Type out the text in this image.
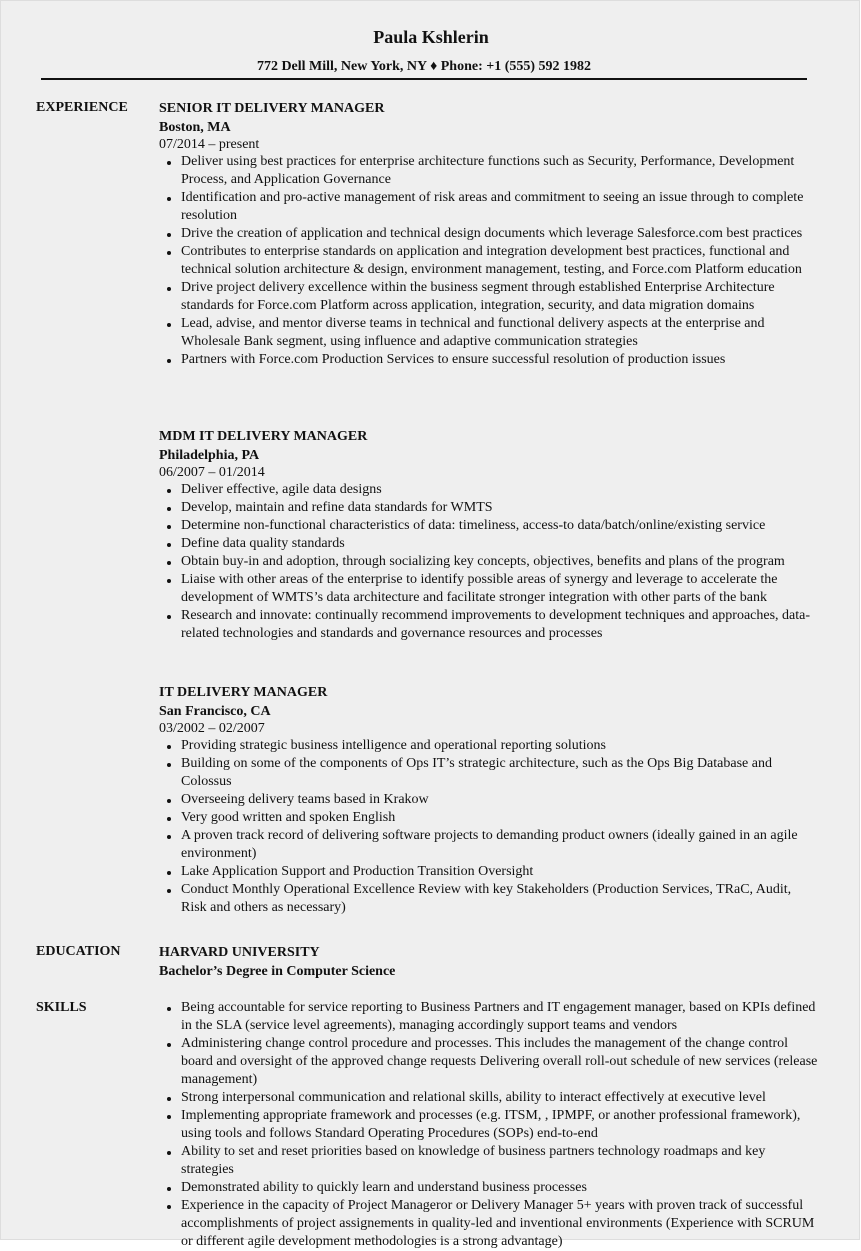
Paula Kshlerin
772 Dell Mill, New York, NY ♦ Phone: +1 (555) 592 1982
EXPERIENCE SENIOR IT DELIVERY MANAGER
Boston, MA
07/2014 – present
Deliver using best practices for enterprise architecture functions such as Security, Performance, Development Process, and Application Governance
Identification and pro-active management of risk areas and commitment to seeing an issue through to complete resolution
Drive the creation of application and technical design documents which leverage Salesforce.com best practices
Contributes to enterprise standards on application and integration development best practices, functional and technical solution architecture & design, environment management, testing, and Force.com Platform education
Drive project delivery excellence within the business segment through established Enterprise Architecture standards for Force.com Platform across application, integration, security, and data migration domains
Lead, advise, and mentor diverse teams in technical and functional delivery aspects at the enterprise and Wholesale Bank segment, using influence and adaptive communication strategies
Partners with Force.com Production Services to ensure successful resolution of production issues
MDM IT DELIVERY MANAGER
Philadelphia, PA
06/2007 – 01/2014
Deliver effective, agile data designs
Develop, maintain and refine data standards for WMTS
Determine non-functional characteristics of data: timeliness, access-to data/batch/online/existing service
Define data quality standards
Obtain buy-in and adoption, through socializing key concepts, objectives, benefits and plans of the program
Liaise with other areas of the enterprise to identify possible areas of synergy and leverage to accelerate the development of WMTS’s data architecture and facilitate stronger integration with other parts of the bank
Research and innovate: continually recommend improvements to development techniques and approaches, data-related technologies and standards and governance resources and processes
IT DELIVERY MANAGER
San Francisco, CA
03/2002 – 02/2007
Providing strategic business intelligence and operational reporting solutions
Building on some of the components of Ops IT’s strategic architecture, such as the Ops Big Database and Colossus
Overseeing delivery teams based in Krakow
Very good written and spoken English
A proven track record of delivering software projects to demanding product owners (ideally gained in an agile environment)
Lake Application Support and Production Transition Oversight
Conduct Monthly Operational Excellence Review with key Stakeholders (Production Services, TRaC, Audit, Risk and others as necessary)
EDUCATION	HARVARD UNIVERSITY
Bachelor’s Degree in Computer Science
SKILLS	Being accountable for service reporting to Business Partners and IT engagement manager, based on KPIs defined in the SLA (service level agreements), managing accordingly support teams and vendors
Administering change control procedure and processes. This includes the management of the change control board and oversight of the approved change requests Delivering overall roll-out schedule of new services (release management)
Strong interpersonal communication and relational skills, ability to interact effectively at executive level
Implementing appropriate framework and processes (e.g. ITSM, , IPMPF, or another professional framework), using tools and follows Standard Operating Procedures (SOPs) end-to-end
Ability to set and reset priorities based on knowledge of business partners technology roadmaps and key strategies
Demonstrated ability to quickly learn and understand business processes
Experience in the capacity of Project Manageror or Delivery Manager 5+ years with proven track of successful accomplishments of project assignements in quality-led and inventional environments (Experience with SCRUM or different agile development methodologies is a strong advantage)
